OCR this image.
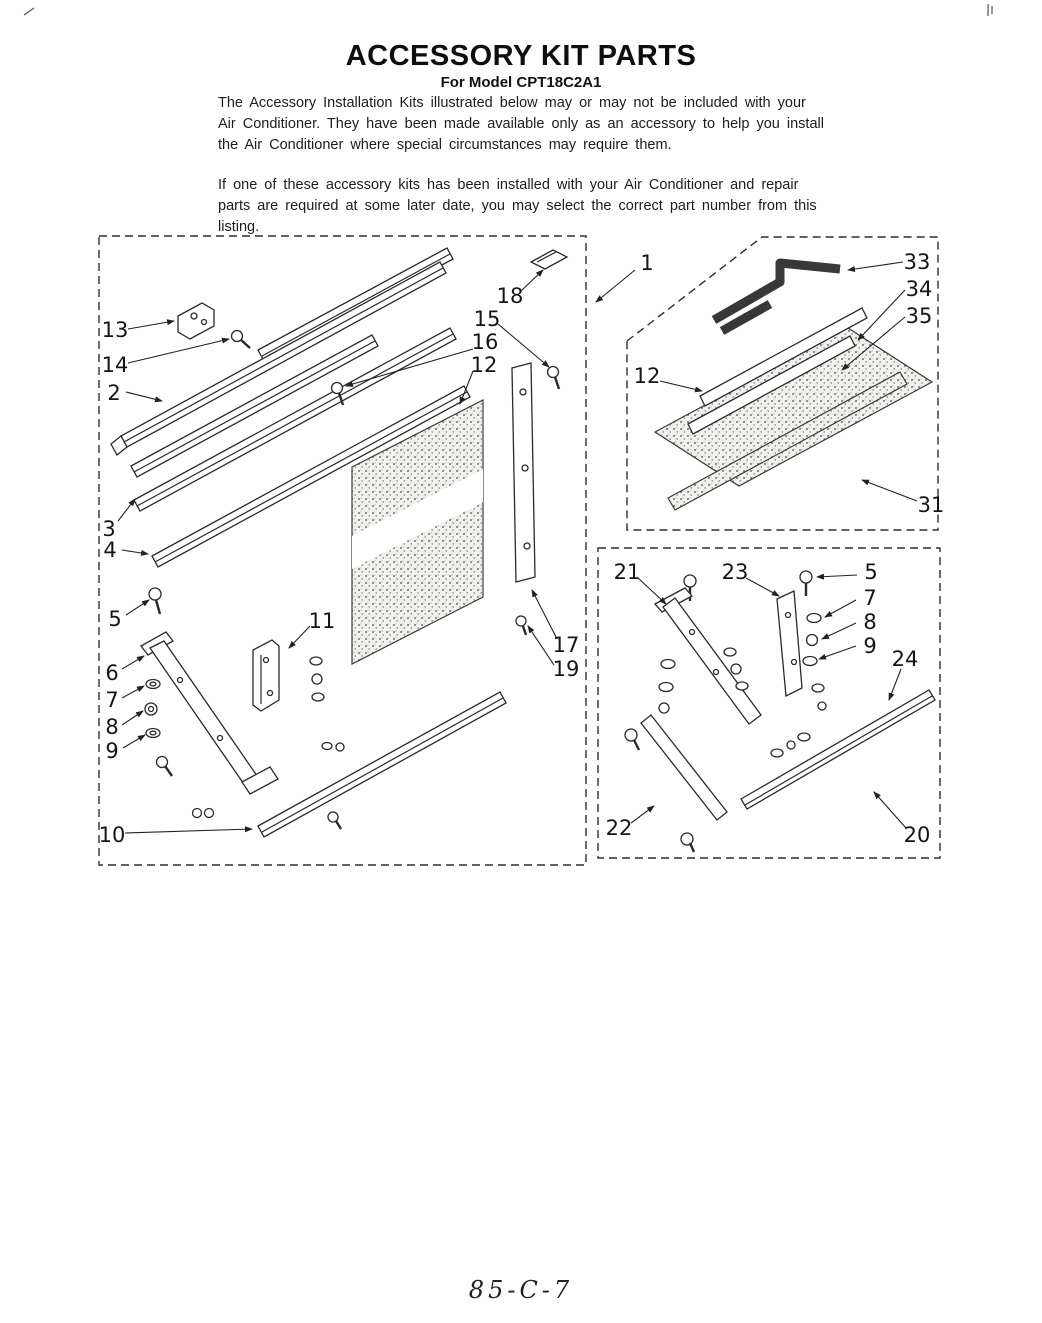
ACCESSORY KIT PARTS
For Model CPT18C2A1
The Accessory Installation Kits illustrated below may or may not be included with your Air Conditioner. They have been made available only as an accessory to help you install the Air Conditioner where special circumstances may require them.
If one of these accessory kits has been installed with your Air Conditioner and repair parts are required at some later date, you may select the correct part number from this listing.
1
18
15
16
12
13
14
2
3
4
5	11
6
7
8
9
17
19
10
33
34
35
12
31
21	23	5
7
8
9
24
22	20
85-C-7
